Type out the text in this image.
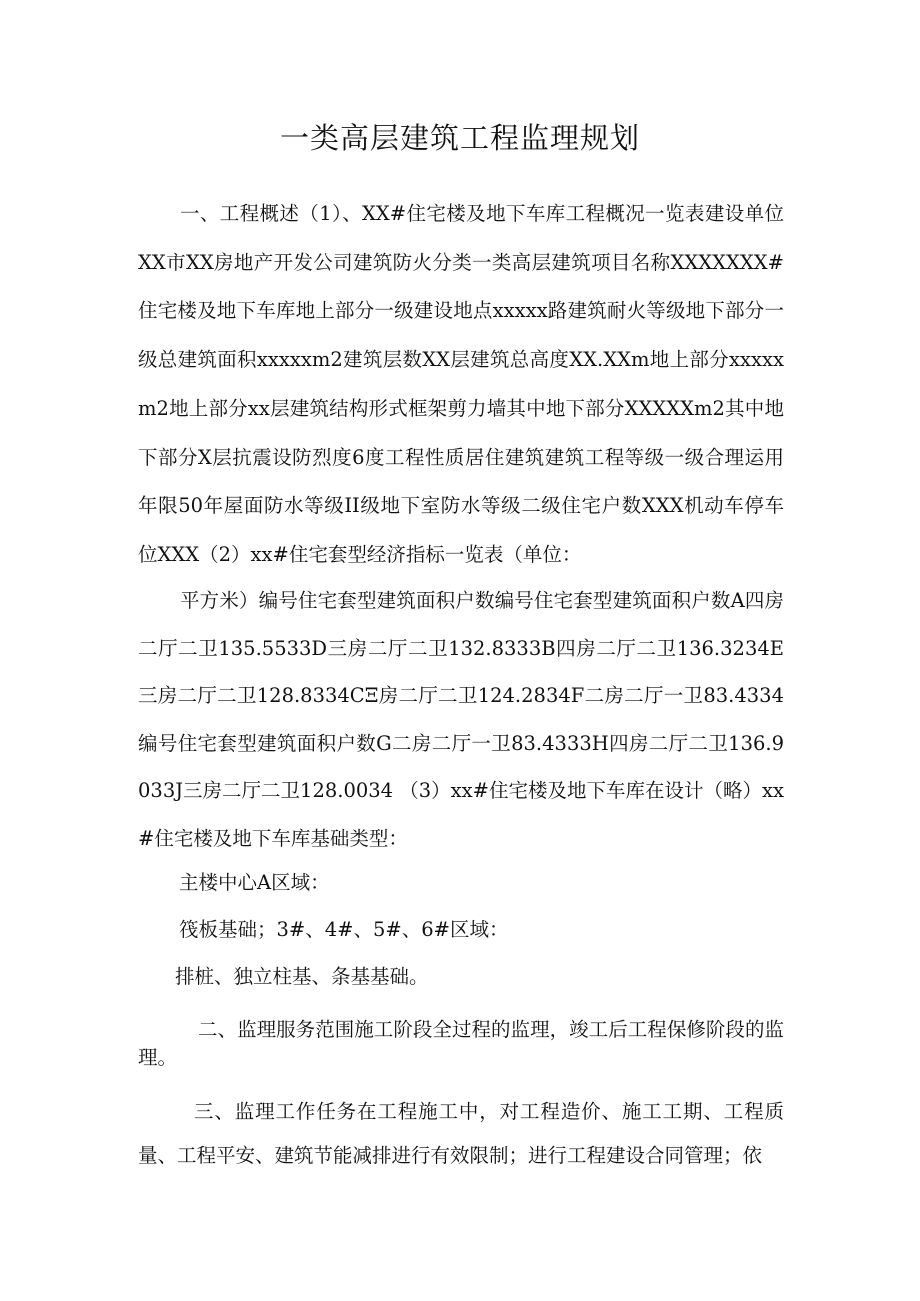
一类高层建筑工程监理规划
一、工程概述（1）、XX#住宅楼及地下车库工程概况一览表建设单位XX市XX房地产开发公司建筑防火分类一类高层建筑项目名称XXXXXXX#住宅楼及地下车库地上部分一级建设地点xxxxx路建筑耐火等级地下部分一级总建筑面积xxxxxm2建筑层数XX层建筑总高度XX.XXm地上部分xxxxxm2地上部分xx层建筑结构形式框架剪力墙其中地下部分XXXXXm2其中地下部分X层抗震设防烈度6度工程性质居住建筑建筑工程等级一级合理运用年限50年屋面防水等级II级地下室防水等级二级住宅户数XXX机动车停车位XXX（2）xx#住宅套型经济指标一览表（单位：
平方米）编号住宅套型建筑面积户数编号住宅套型建筑面积户数A四房二厅二卫135.5533D三房二厅二卫132.8333B四房二厅二卫136.3234E三房二厅二卫128.8334CΞ房二厅二卫124.2834F二房二厅一卫83.4334编号住宅套型建筑面积户数G二房二厅一卫83.4333H四房二厅二卫136.9033J三房二厅二卫128.0034 （3）xx#住宅楼及地下车库在设计（略）xx#住宅楼及地下车库基础类型：
主楼中心A区域：
筏板基础；3#、4#、5#、6#区域：
排桩、独立柱基、条基基础。
二、监理服务范围施工阶段全过程的监理，竣工后工程保修阶段的监理。
三、监理工作任务在工程施工中，对工程造价、施工工期、工程质量、工程平安、建筑节能减排进行有效限制；进行工程建设合同管理；依
